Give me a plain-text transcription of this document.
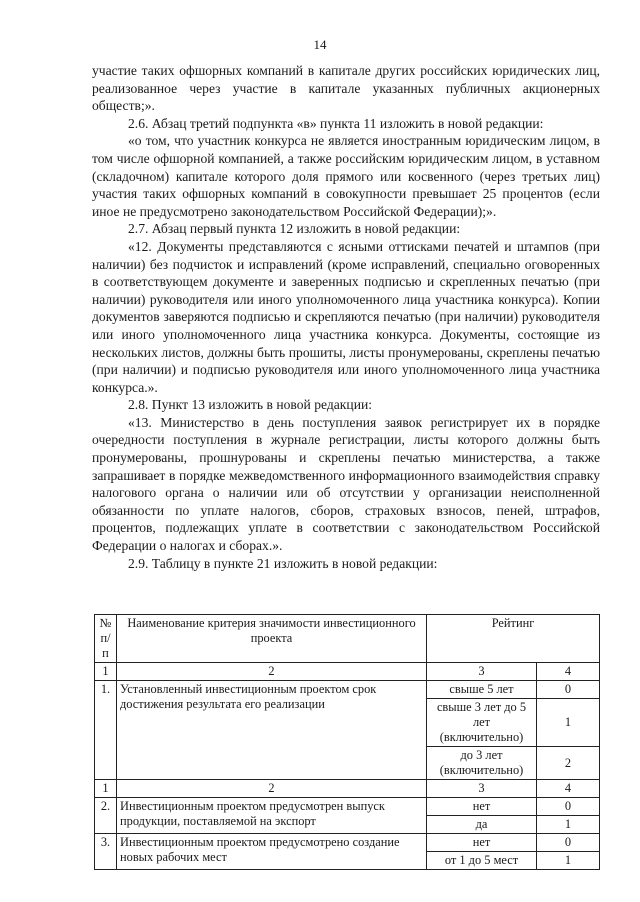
14

участие таких офшорных компаний в капитале других российских юридических лиц, реализованное через участие в капитале указанных публичных акционерных обществ;».

2.6. Абзац третий подпункта «в» пункта 11 изложить в новой редакции:

«о том, что участник конкурса не является иностранным юридическим лицом, в том числе офшорной компанией, а также российским юридическим лицом, в уставном (складочном) капитале которого доля прямого или косвенного (через третьих лиц) участия таких офшорных компаний в совокупности превышает 25 процентов (если иное не предусмотрено законодательством Российской Федерации);».

2.7. Абзац первый пункта 12 изложить в новой редакции:

«12. Документы представляются с ясными оттисками печатей и штампов (при наличии) без подчисток и исправлений (кроме исправлений, специально оговоренных в соответствующем документе и заверенных подписью и скрепленных печатью (при наличии) руководителя или иного уполномоченного лица участника конкурса). Копии документов заверяются подписью и скрепляются печатью (при наличии) руководителя или иного уполномоченного лица участника конкурса. Документы, состоящие из нескольких листов, должны быть прошиты, листы пронумерованы, скреплены печатью (при наличии) и подписью руководителя или иного уполномоченного лица участника конкурса.».

2.8. Пункт 13 изложить в новой редакции:

«13. Министерство в день поступления заявок регистрирует их в порядке очередности поступления в журнале регистрации, листы которого должны быть пронумерованы, прошнурованы и скреплены печатью министерства, а также запрашивает в порядке межведомственного информационного взаимодействия справку налогового органа о наличии или об отсутствии у организации неисполненной обязанности по уплате налогов, сборов, страховых взносов, пеней, штрафов, процентов, подлежащих уплате в соответствии с законодательством Российской Федерации о налогах и сборах.».

2.9. Таблицу в пункте 21 изложить в новой редакции:

№ п/п	Наименование критерия значимости инвестиционного проекта	Рейтинг	
1	2	3	4
1.	Установленный инвестиционным проектом срок достижения результата его реализации	свыше 5 лет	0
		свыше 3 лет до 5 лет (включительно)	1
		до 3 лет (включительно)	2
1	2	3	4
2.	Инвестиционным проектом предусмотрен выпуск продукции, поставляемой на экспорт	нет	0
		да	1
3.	Инвестиционным проектом предусмотрено создание новых рабочих мест	нет	0
		от 1 до 5 мест	1
